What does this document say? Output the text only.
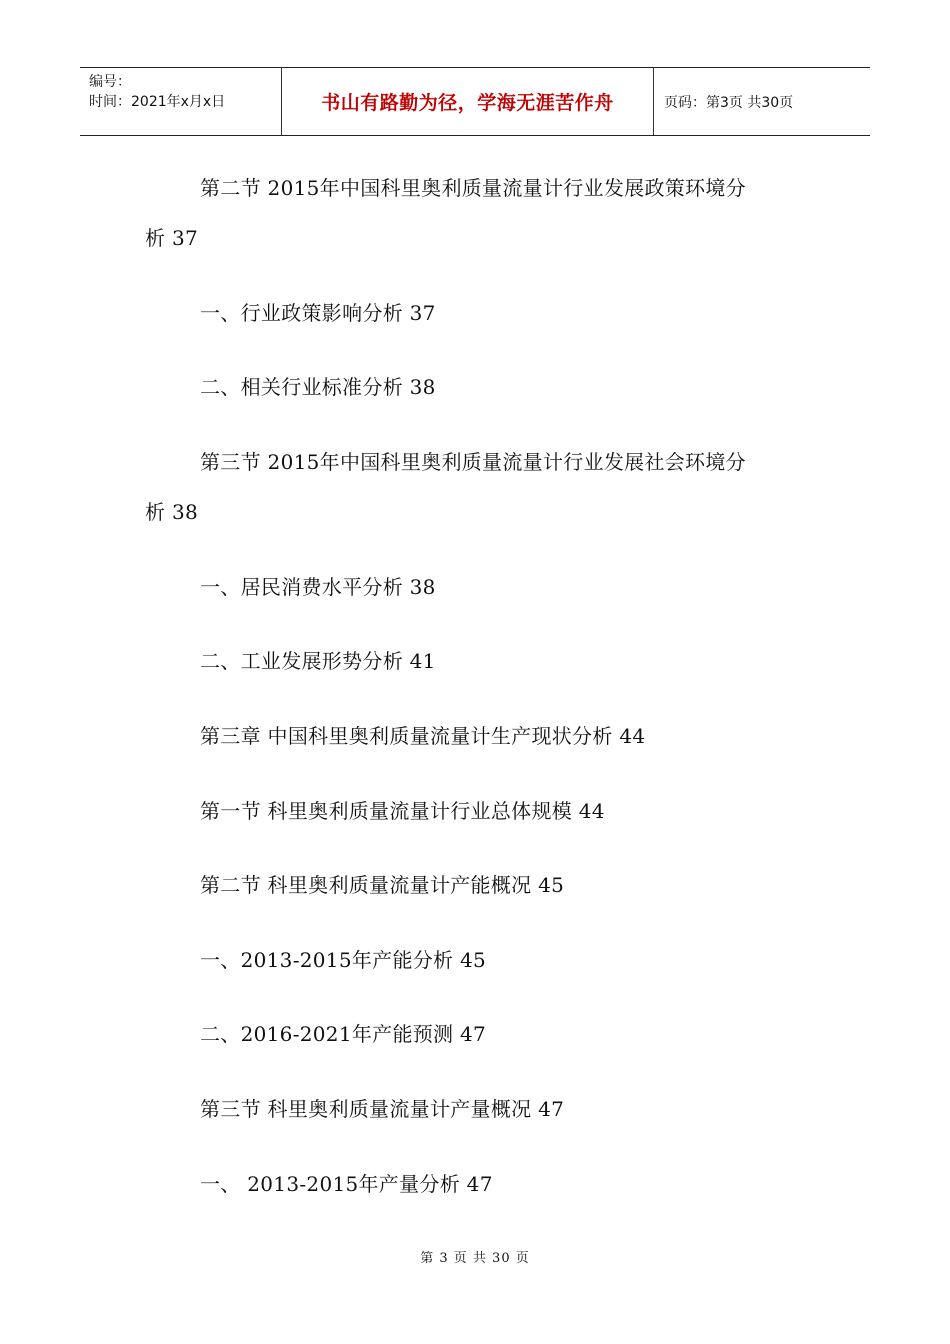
编号：
时间：2021年x月x日	书山有路勤为径，学海无涯苦作舟	页码：第3页 共30页
第二节 2015年中国科里奥利质量流量计行业发展政策环境分
析 37
一、行业政策影响分析 37
二、相关行业标准分析 38
第三节 2015年中国科里奥利质量流量计行业发展社会环境分
析 38
一、居民消费水平分析 38
二、工业发展形势分析 41
第三章 中国科里奥利质量流量计生产现状分析 44
第一节 科里奥利质量流量计行业总体规模 44
第二节 科里奥利质量流量计产能概况 45
一、2013-2015年产能分析 45
二、2016-2021年产能预测 47
第三节 科里奥利质量流量计产量概况 47
一、 2013-2015年产量分析 47
第 3 页 共 30 页
